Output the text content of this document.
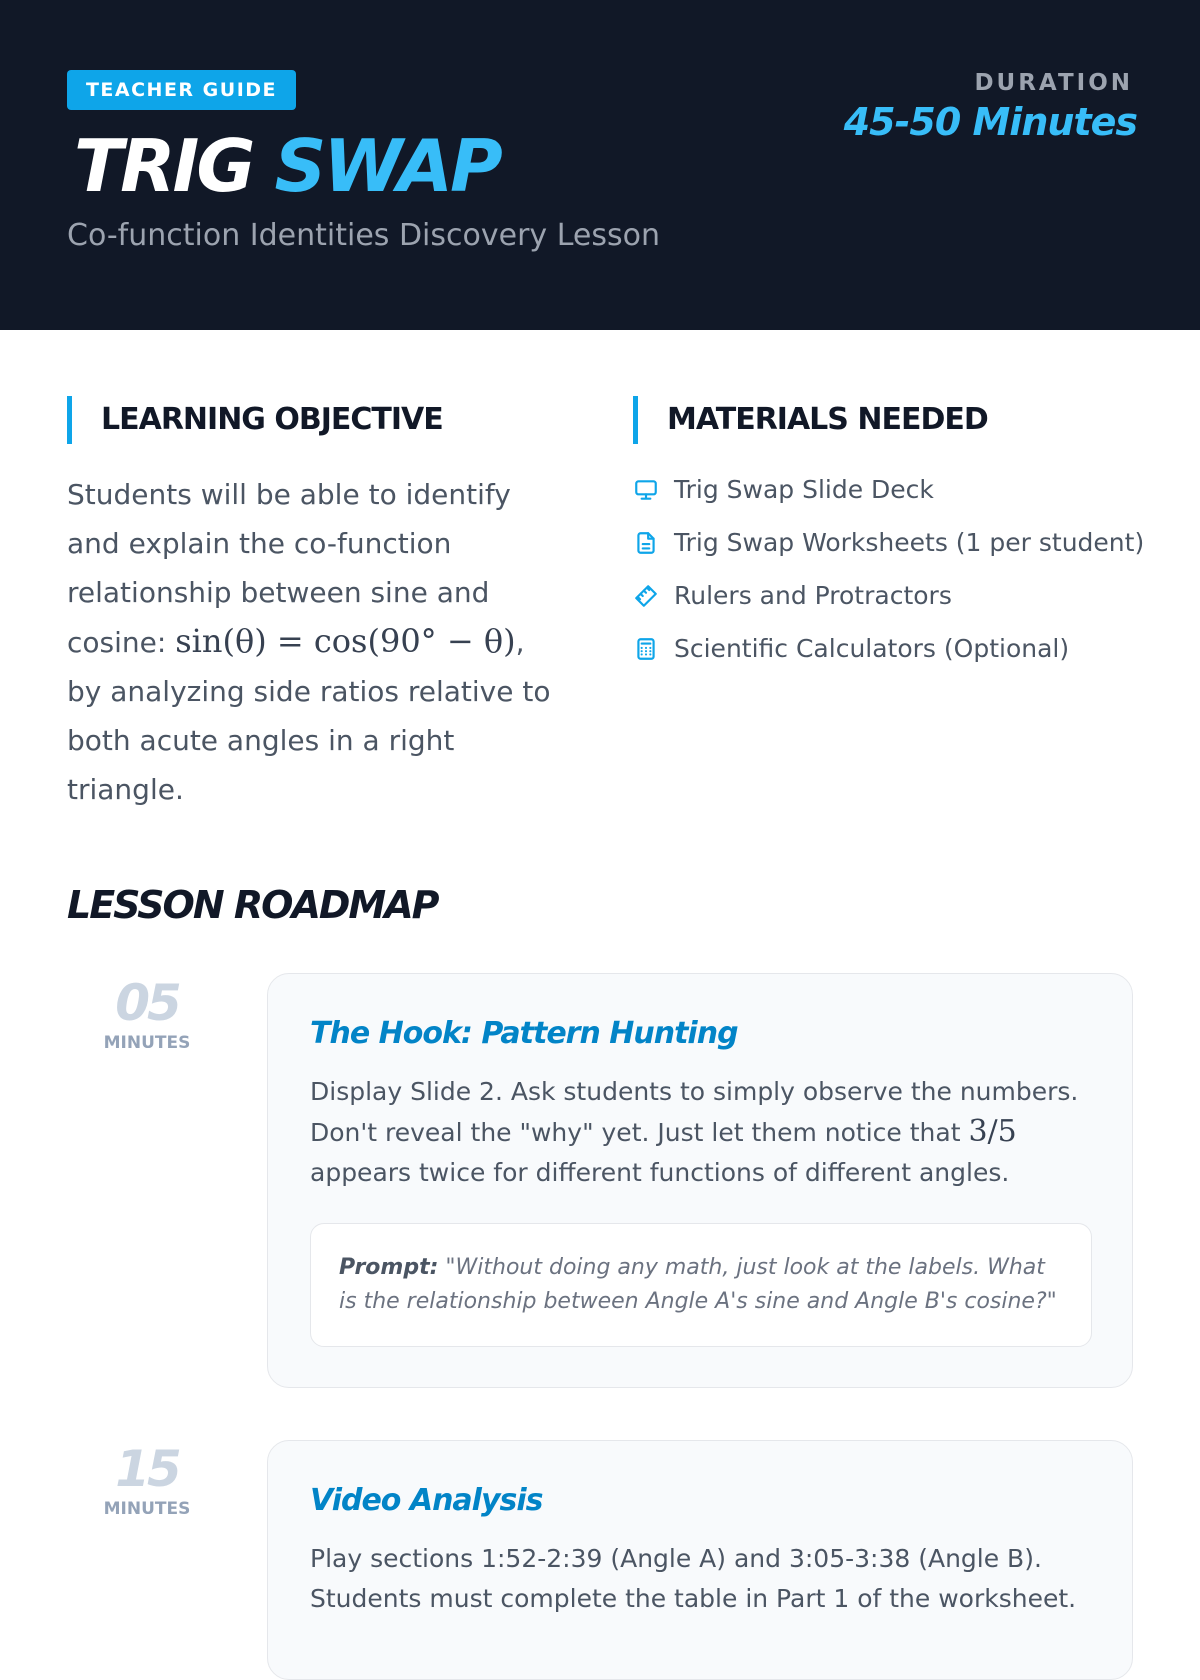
TEACHER GUIDE
TRIG SWAP
Co-function Identities Discovery Lesson
DURATION
45-50 Minutes
LEARNING OBJECTIVE

Students will be able to identify and explain the co-function relationship between sine and cosine: sin(θ) = cos(90° − θ), by analyzing side ratios relative to both acute angles in a right triangle.

MATERIALS NEEDED
Trig Swap Slide Deck
Trig Swap Worksheets (1 per student)
Rulers and Protractors
Scientific Calculators (Optional)
LESSON ROADMAP
05
MINUTES	The Hook: Pattern Hunting

Display Slide 2. Ask students to simply observe the numbers. Don't reveal the "why" yet. Just let them notice that 3/5 appears twice for different functions of different angles.

Prompt: "Without doing any math, just look at the labels. What is the relationship between Angle A's sine and Angle B's cosine?"
15
MINUTES	Video Analysis

Play sections 1:52-2:39 (Angle A) and 3:05-3:38 (Angle B). Students must complete the table in Part 1 of the worksheet.
